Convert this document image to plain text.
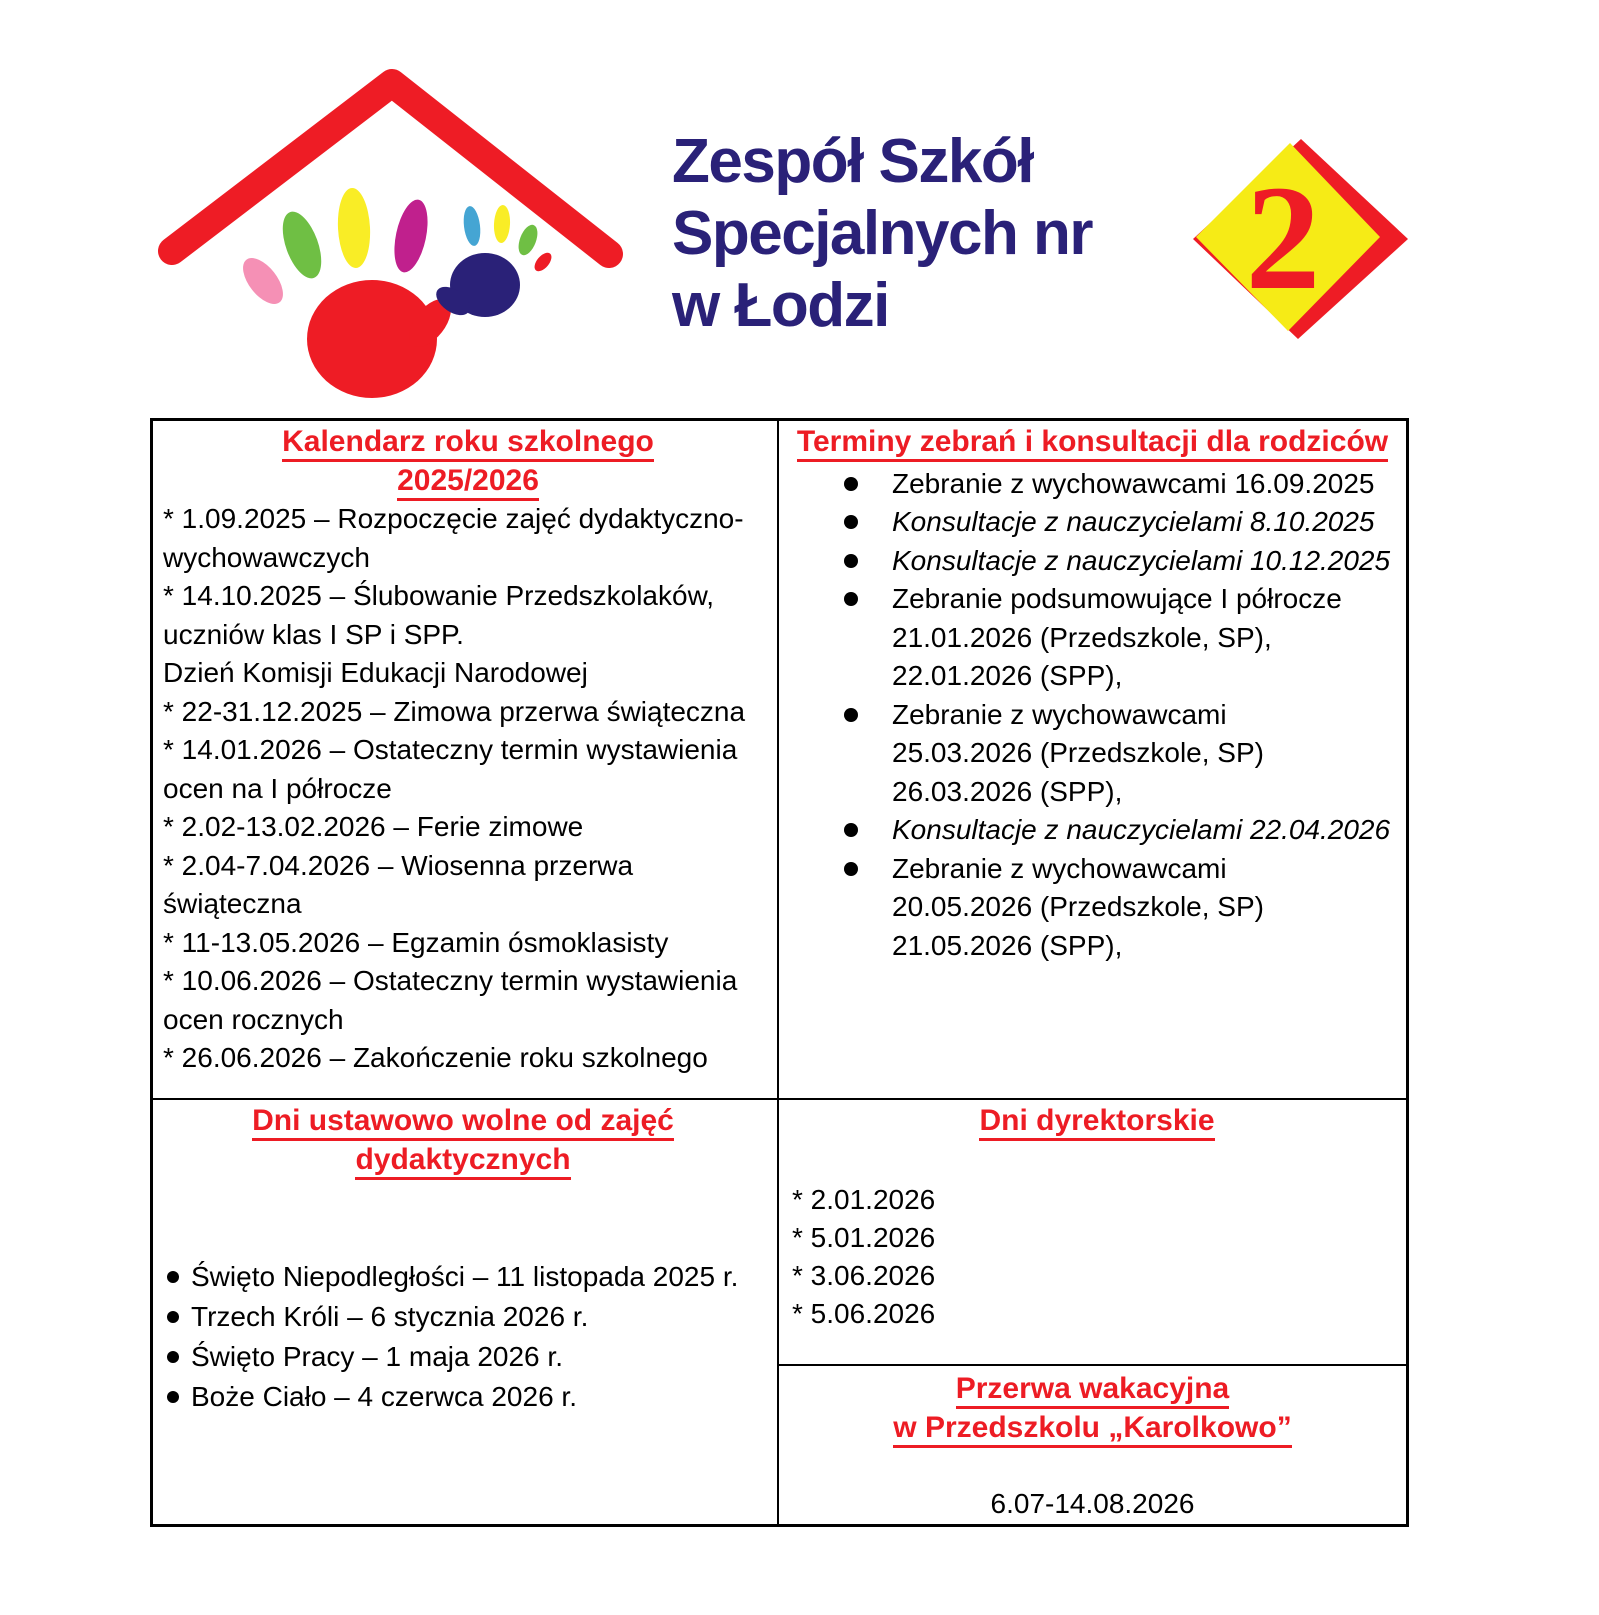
Zespół Szkół
Specjalnych nr
w Łodzi	2
Kalendarz roku szkolnego
2025/2026
* 1.09.2025 – Rozpoczęcie zajęć dydaktyczno-
wychowawczych
* 14.10.2025 – Ślubowanie Przedszkolaków,
uczniów klas I SP i SPP.
Dzień Komisji Edukacji Narodowej
* 22-31.12.2025 – Zimowa przerwa świąteczna
* 14.01.2026 – Ostateczny termin wystawienia
ocen na I półrocze
* 2.02-13.02.2026 – Ferie zimowe
* 2.04-7.04.2026 – Wiosenna przerwa
świąteczna
* 11-13.05.2026 – Egzamin ósmoklasisty
* 10.06.2026 – Ostateczny termin wystawienia
ocen rocznych
* 26.06.2026 – Zakończenie roku szkolnego
Terminy zebrań i konsultacji dla rodziców
Zebranie z wychowawcami 16.09.2025
Konsultacje z nauczycielami 8.10.2025
Konsultacje z nauczycielami 10.12.2025
Zebranie podsumowujące I półrocze
21.01.2026 (Przedszkole, SP),
22.01.2026 (SPP),
Zebranie z wychowawcami
25.03.2026 (Przedszkole, SP)
26.03.2026 (SPP),
Konsultacje z nauczycielami 22.04.2026
Zebranie z wychowawcami
20.05.2026 (Przedszkole, SP)
21.05.2026 (SPP),
Dni ustawowo wolne od zajęć
dydaktycznych
Święto Niepodległości – 11 listopada 2025 r.
Trzech Króli – 6 stycznia 2026 r.
Święto Pracy – 1 maja 2026 r.
Boże Ciało – 4 czerwca 2026 r.
Dni dyrektorskie
* 2.01.2026
* 5.01.2026
* 3.06.2026
* 5.06.2026
Przerwa wakacyjna
w Przedszkolu „Karolkowo”
6.07-14.08.2026
